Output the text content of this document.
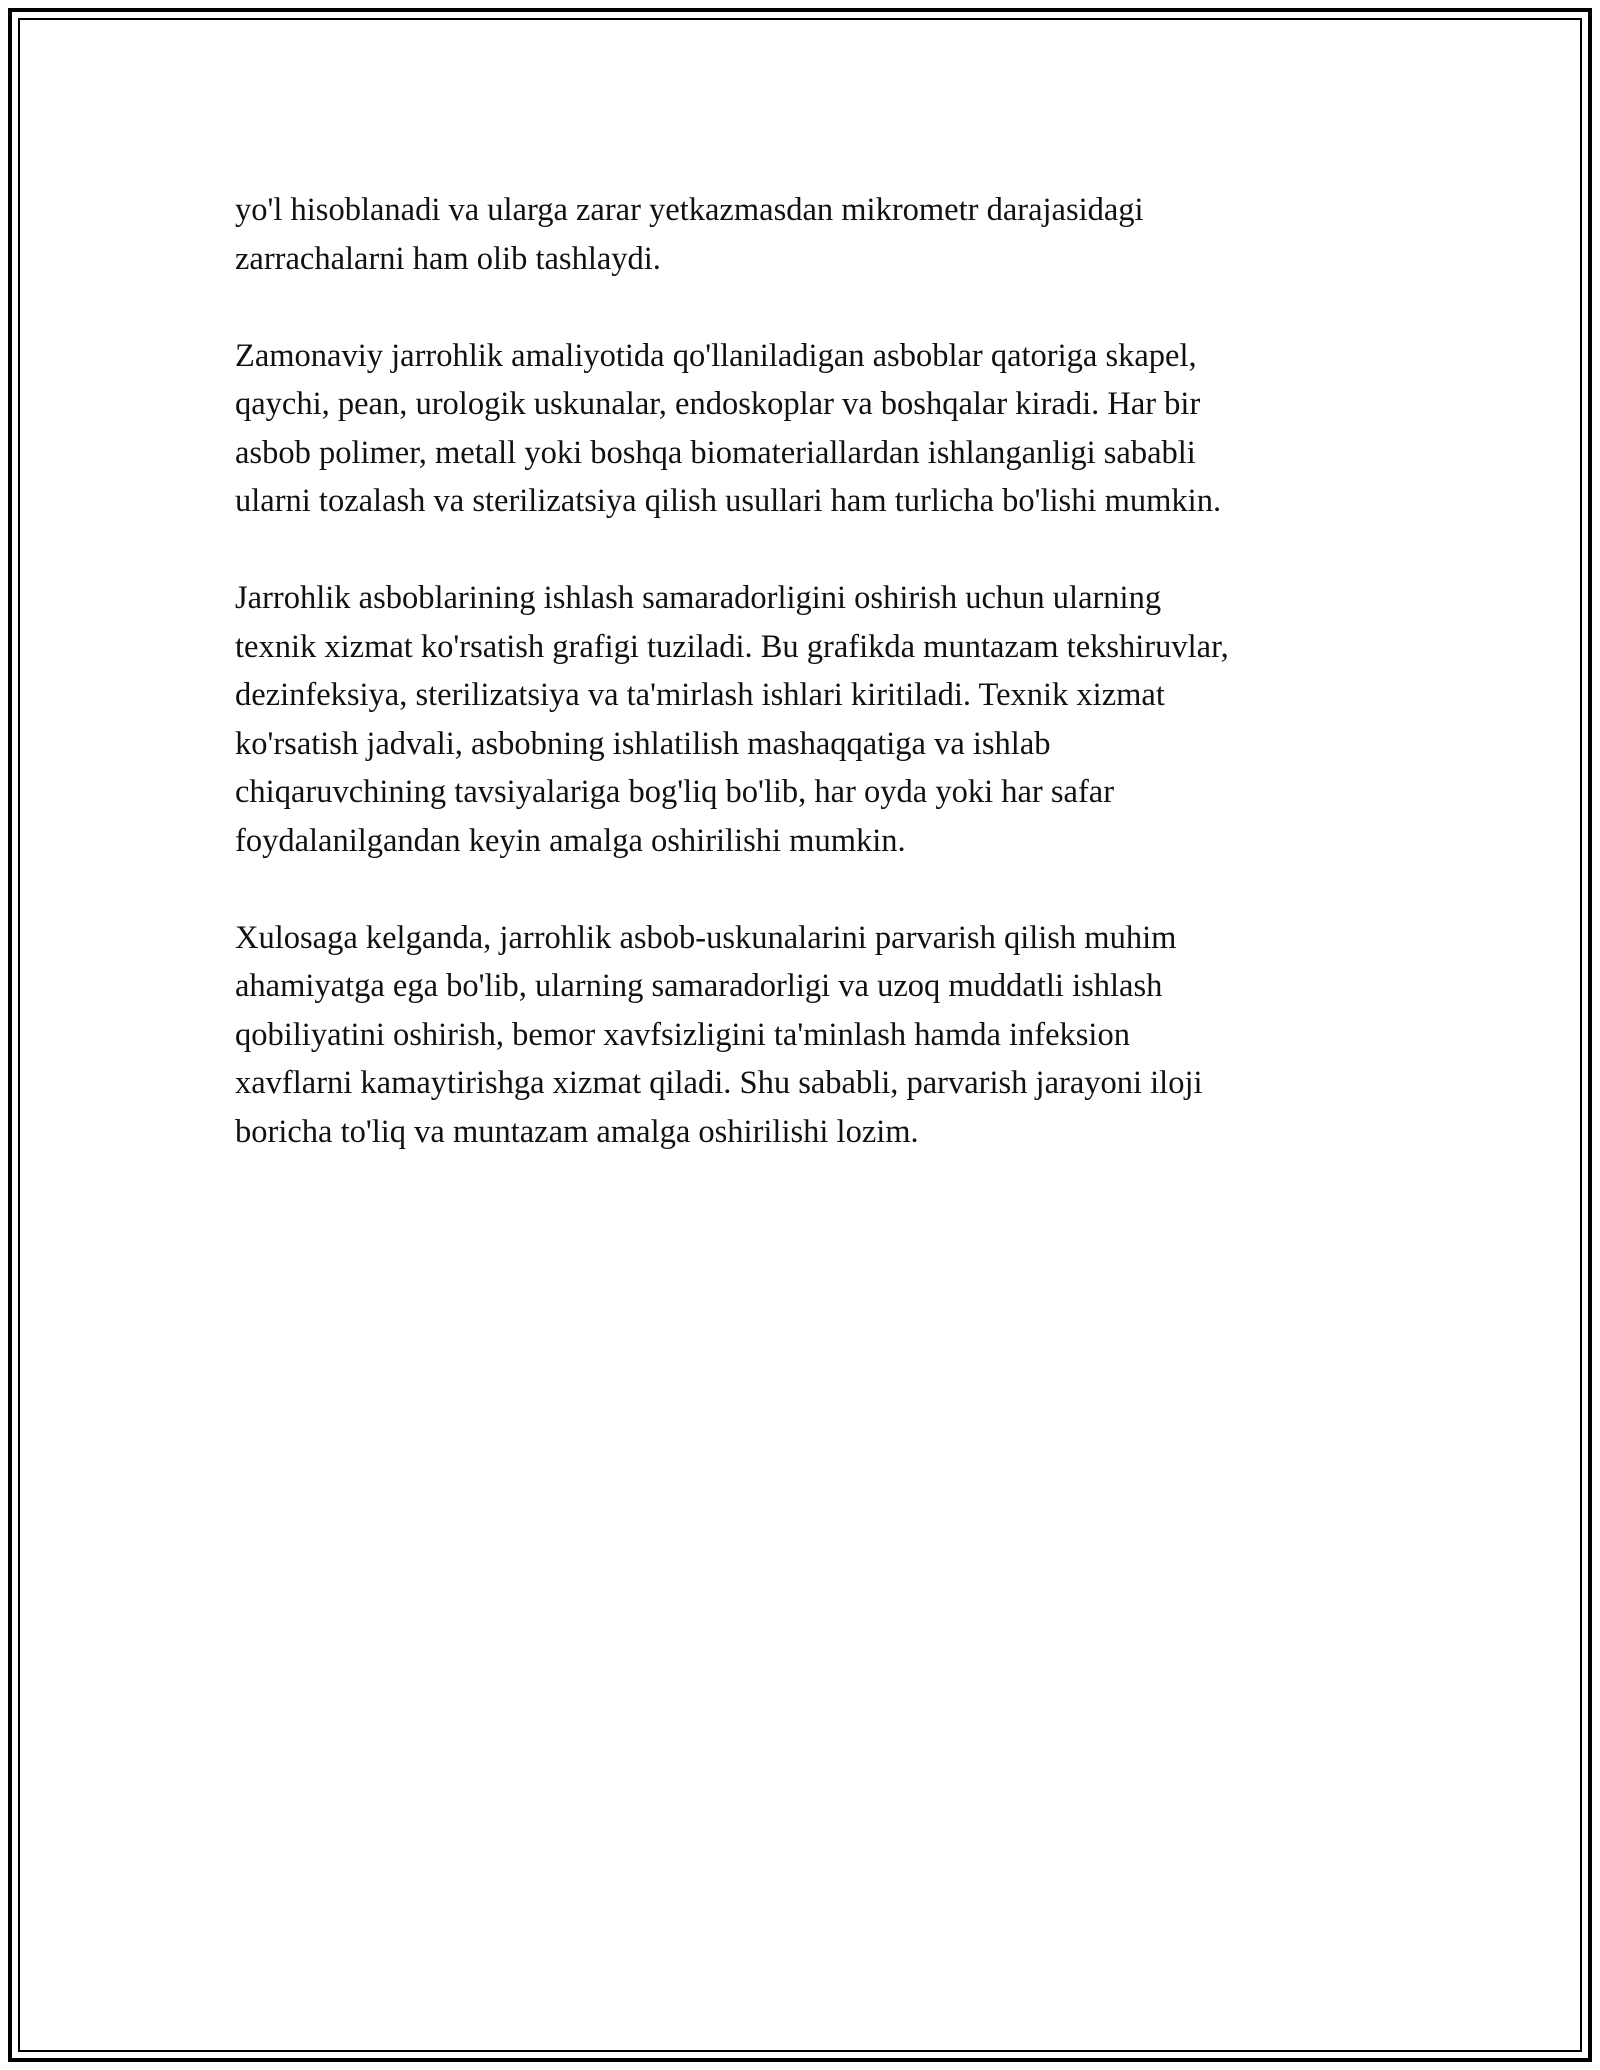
yo'l hisoblanadi va ularga zarar yetkazmasdan mikrometr darajasidagi
zarrachalarni ham olib tashlaydi.

Zamonaviy jarrohlik amaliyotida qo'llaniladigan asboblar qatoriga skapel,
qaychi, pean, urologik uskunalar, endoskoplar va boshqalar kiradi. Har bir
asbob polimer, metall yoki boshqa biomateriallardan ishlanganligi sababli
ularni tozalash va sterilizatsiya qilish usullari ham turlicha bo'lishi mumkin.

Jarrohlik asboblarining ishlash samaradorligini oshirish uchun ularning
texnik xizmat ko'rsatish grafigi tuziladi. Bu grafikda muntazam tekshiruvlar,
dezinfeksiya, sterilizatsiya va ta'mirlash ishlari kiritiladi. Texnik xizmat
ko'rsatish jadvali, asbobning ishlatilish mashaqqatiga va ishlab
chiqaruvchining tavsiyalariga bog'liq bo'lib, har oyda yoki har safar
foydalanilgandan keyin amalga oshirilishi mumkin.

Xulosaga kelganda, jarrohlik asbob-uskunalarini parvarish qilish muhim
ahamiyatga ega bo'lib, ularning samaradorligi va uzoq muddatli ishlash
qobiliyatini oshirish, bemor xavfsizligini ta'minlash hamda infeksion
xavflarni kamaytirishga xizmat qiladi. Shu sababli, parvarish jarayoni iloji
boricha to'liq va muntazam amalga oshirilishi lozim.
